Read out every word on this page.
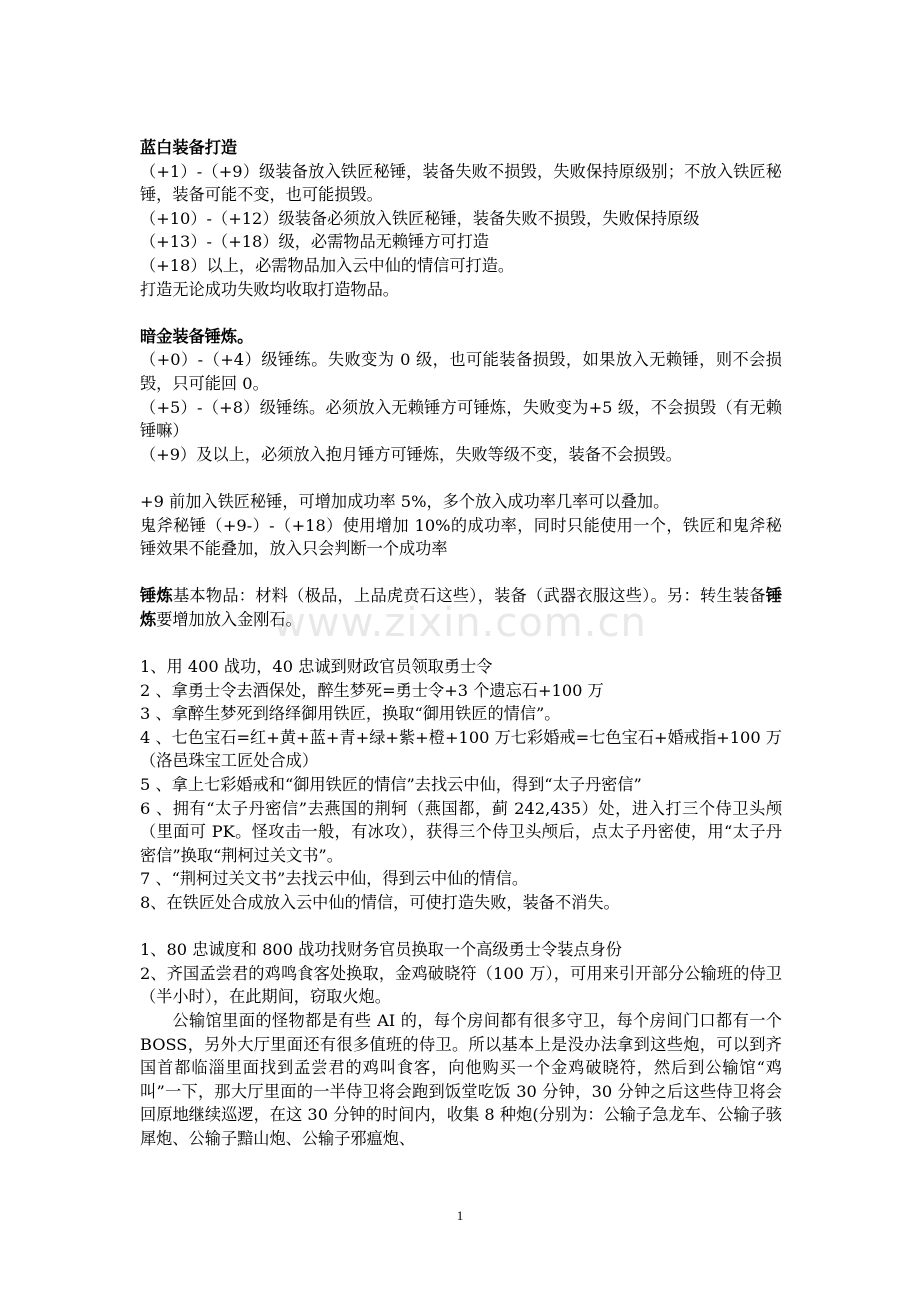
www.zixin.com.cn

蓝白装备打造

（+1）-（+9）级装备放入铁匠秘锤，装备失败不损毁，失败保持原级别；不放入铁匠秘锤，装备可能不变，也可能损毁。

（+10）-（+12）级装备必须放入铁匠秘锤，装备失败不损毁，失败保持原级

（+13）-（+18）级，必需物品无赖锤方可打造

（+18）以上，必需物品加入云中仙的情信可打造。

打造无论成功失败均收取打造物品。

暗金装备锤炼。

（+0）-（+4）级锤练。失败变为 0 级，也可能装备损毁，如果放入无赖锤，则不会损毁，只可能回 0。

（+5）-（+8）级锤练。必须放入无赖锤方可锤炼，失败变为+5 级，不会损毁（有无赖锤嘛）

（+9）及以上，必须放入抱月锤方可锤炼，失败等级不变，装备不会损毁。

+9 前加入铁匠秘锤，可增加成功率 5%，多个放入成功率几率可以叠加。

鬼斧秘锤（+9-）-（+18）使用增加 10%的成功率，同时只能使用一个，铁匠和鬼斧秘锤效果不能叠加，放入只会判断一个成功率

锤炼基本物品：材料（极品，上品虎贲石这些），装备（武器衣服这些）。另：转生装备锤炼要增加放入金刚石。

1、用 400 战功，40 忠诚到财政官员领取勇士令

2 、拿勇士令去酒保处，醉生梦死=勇士令+3 个遗忘石+100 万

3 、拿醉生梦死到络绎御用铁匠，换取“御用铁匠的情信”。

4 、七色宝石=红+黄+蓝+青+绿+紫+橙+100 万七彩婚戒=七色宝石+婚戒指+100 万（洛邑珠宝工匠处合成）

5 、拿上七彩婚戒和“御用铁匠的情信”去找云中仙，得到“太子丹密信”

6 、拥有“太子丹密信”去燕国的荆轲（燕国都，蓟 242,435）处，进入打三个侍卫头颅（里面可 PK。怪攻击一般，有冰攻），获得三个侍卫头颅后，点太子丹密使，用“太子丹密信”换取“荆柯过关文书”。

7 、“荆柯过关文书”去找云中仙，得到云中仙的情信。

8、在铁匠处合成放入云中仙的情信，可使打造失败，装备不消失。

1、80 忠诚度和 800 战功找财务官员换取一个高级勇士令装点身份

2、齐国孟尝君的鸡鸣食客处换取，金鸡破晓符（100 万），可用来引开部分公输班的侍卫（半小时），在此期间，窃取火炮。

公输馆里面的怪物都是有些 AI 的，每个房间都有很多守卫，每个房间门口都有一个 BOSS，另外大厅里面还有很多值班的侍卫。所以基本上是没办法拿到这些炮，可以到齐国首都临淄里面找到孟尝君的鸡叫食客，向他购买一个金鸡破晓符，然后到公输馆“鸡叫”一下，那大厅里面的一半侍卫将会跑到饭堂吃饭 30 分钟，30 分钟之后这些侍卫将会回原地继续巡逻，在这 30 分钟的时间内，收集 8 种炮(分别为：公输子急龙车、公输子骇犀炮、公输子黯山炮、公输子邪瘟炮、

1
